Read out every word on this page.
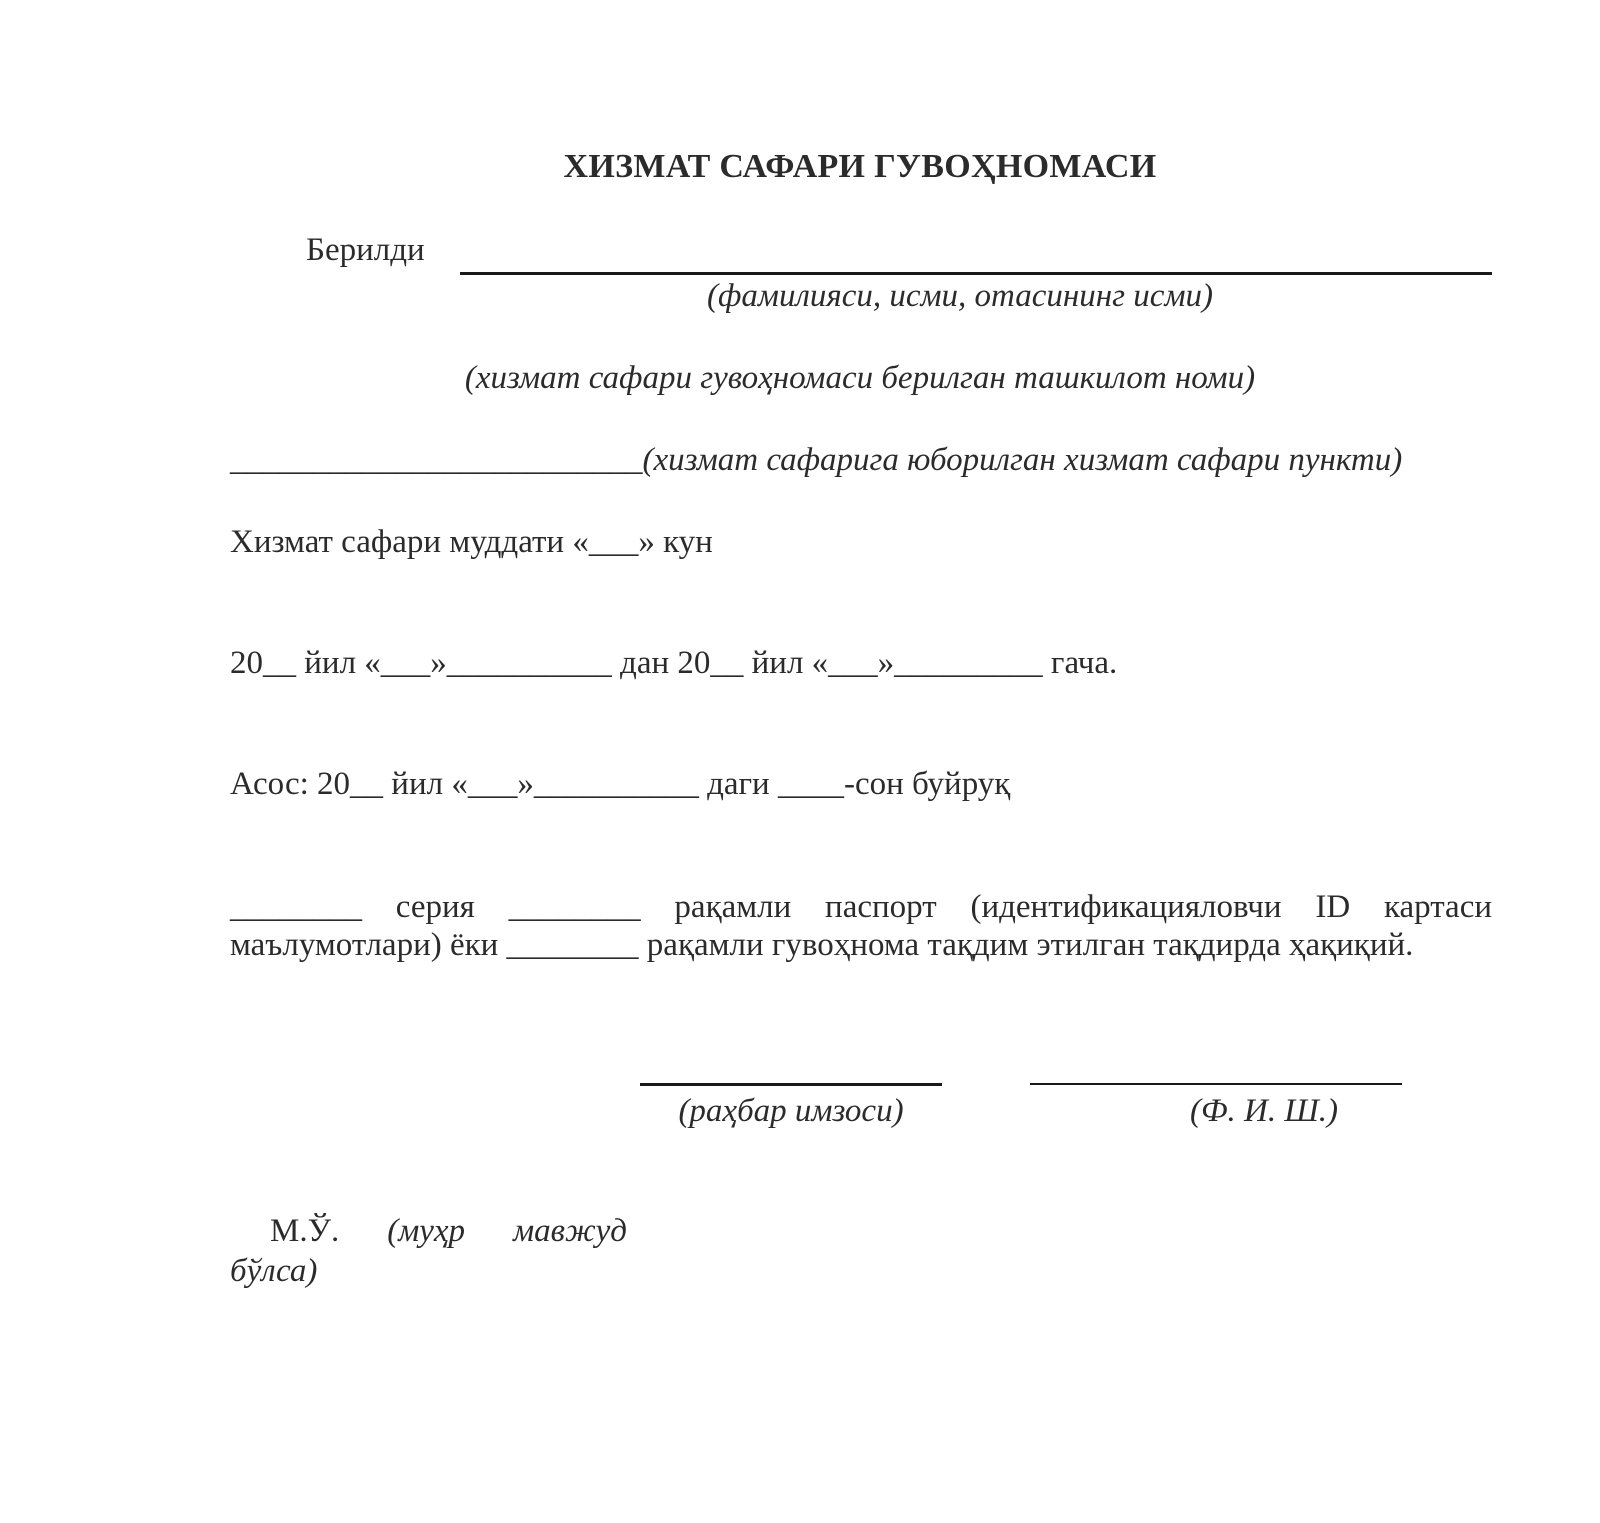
ХИЗМАТ САФАРИ ГУВОҲНОМАСИ
Берилди
(фамилияси, исми, отасининг исми)
(хизмат сафари гувоҳномаси берилган ташкилот номи)
_________________________(хизмат сафарига юборилган хизмат сафари пункти)
Хизмат сафари муддати «___» кун
20__ йил «___»__________ дан 20__ йил «___»_________ гача.
Асос: 20__ йил «___»__________ даги ____-сон буйруқ
________ серия ________ рақамли паспорт (идентификацияловчи ID картаси
маълумотлари) ёки ________ рақамли гувоҳнома тақдим этилган тақдирда ҳақиқий.
(раҳбар имзоси)	(Ф. И. Ш.)
М.Ў. (муҳр мавжуд
бўлса)
